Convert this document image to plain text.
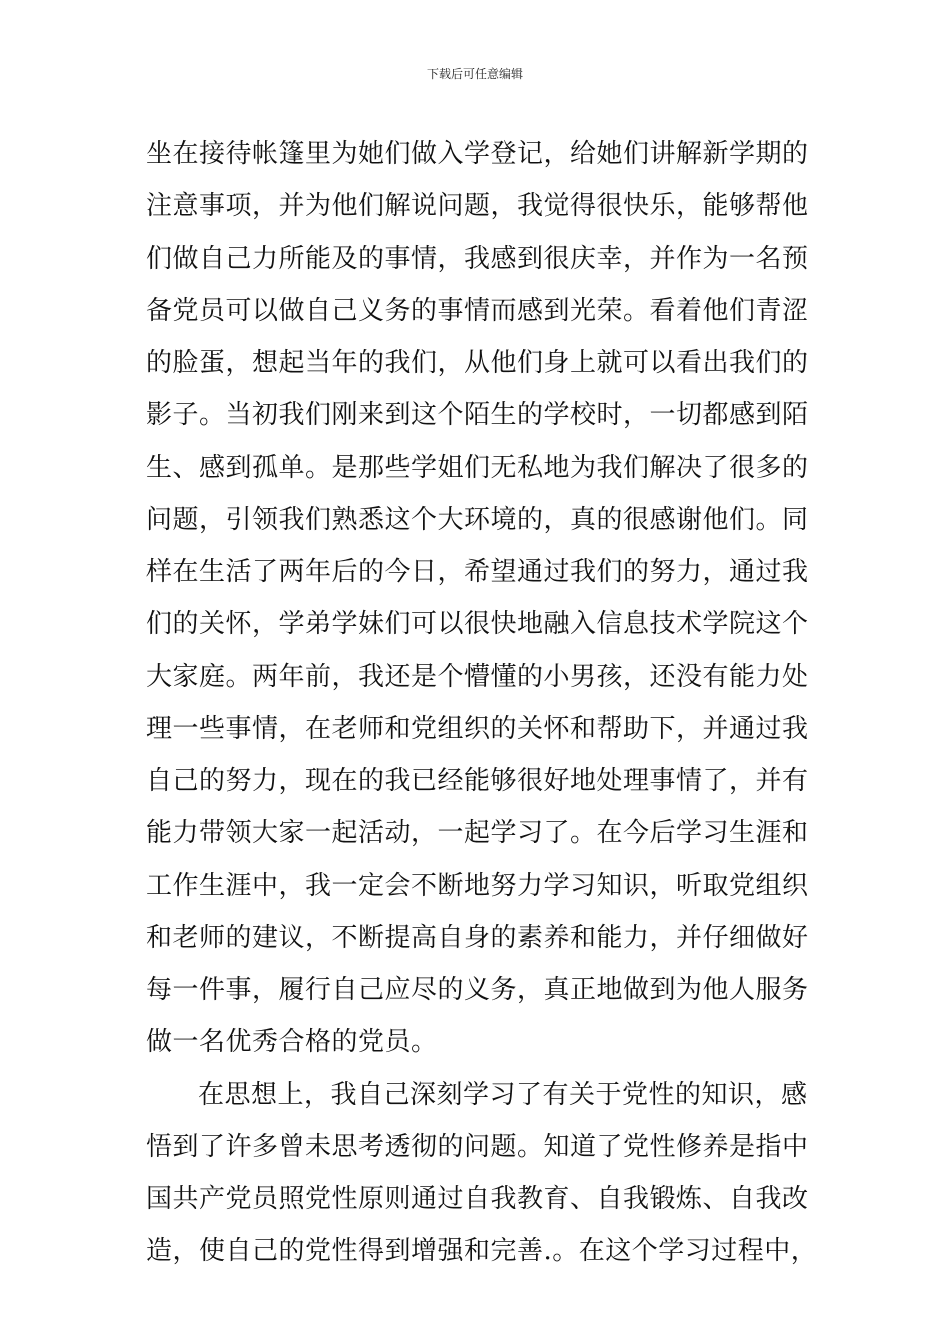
下载后可任意编辑
坐在接待帐篷里为她们做入学登记，给她们讲解新学期的
注意事项，并为他们解说问题，我觉得很快乐，能够帮他
们做自己力所能及的事情，我感到很庆幸，并作为一名预
备党员可以做自己义务的事情而感到光荣。看着他们青涩
的脸蛋，想起当年的我们，从他们身上就可以看出我们的
影子。当初我们刚来到这个陌生的学校时，一切都感到陌
生、感到孤单。是那些学姐们无私地为我们解决了很多的
问题，引领我们熟悉这个大环境的，真的很感谢他们。同
样在生活了两年后的今日，希望通过我们的努力，通过我
们的关怀，学弟学妹们可以很快地融入信息技术学院这个
大家庭。两年前，我还是个懵懂的小男孩，还没有能力处
理一些事情，在老师和党组织的关怀和帮助下，并通过我
自己的努力，现在的我已经能够很好地处理事情了，并有
能力带领大家一起活动，一起学习了。在今后学习生涯和
工作生涯中，我一定会不断地努力学习知识，听取党组织
和老师的建议，不断提高自身的素养和能力，并仔细做好
每一件事，履行自己应尽的义务，真正地做到为他人服务
做一名优秀合格的党员。
在思想上，我自己深刻学习了有关于党性的知识，感
悟到了许多曾未思考透彻的问题。知道了党性修养是指中
国共产党员照党性原则通过自我教育、自我锻炼、自我改
造，使自己的党性得到增强和完善.。在这个学习过程中，
